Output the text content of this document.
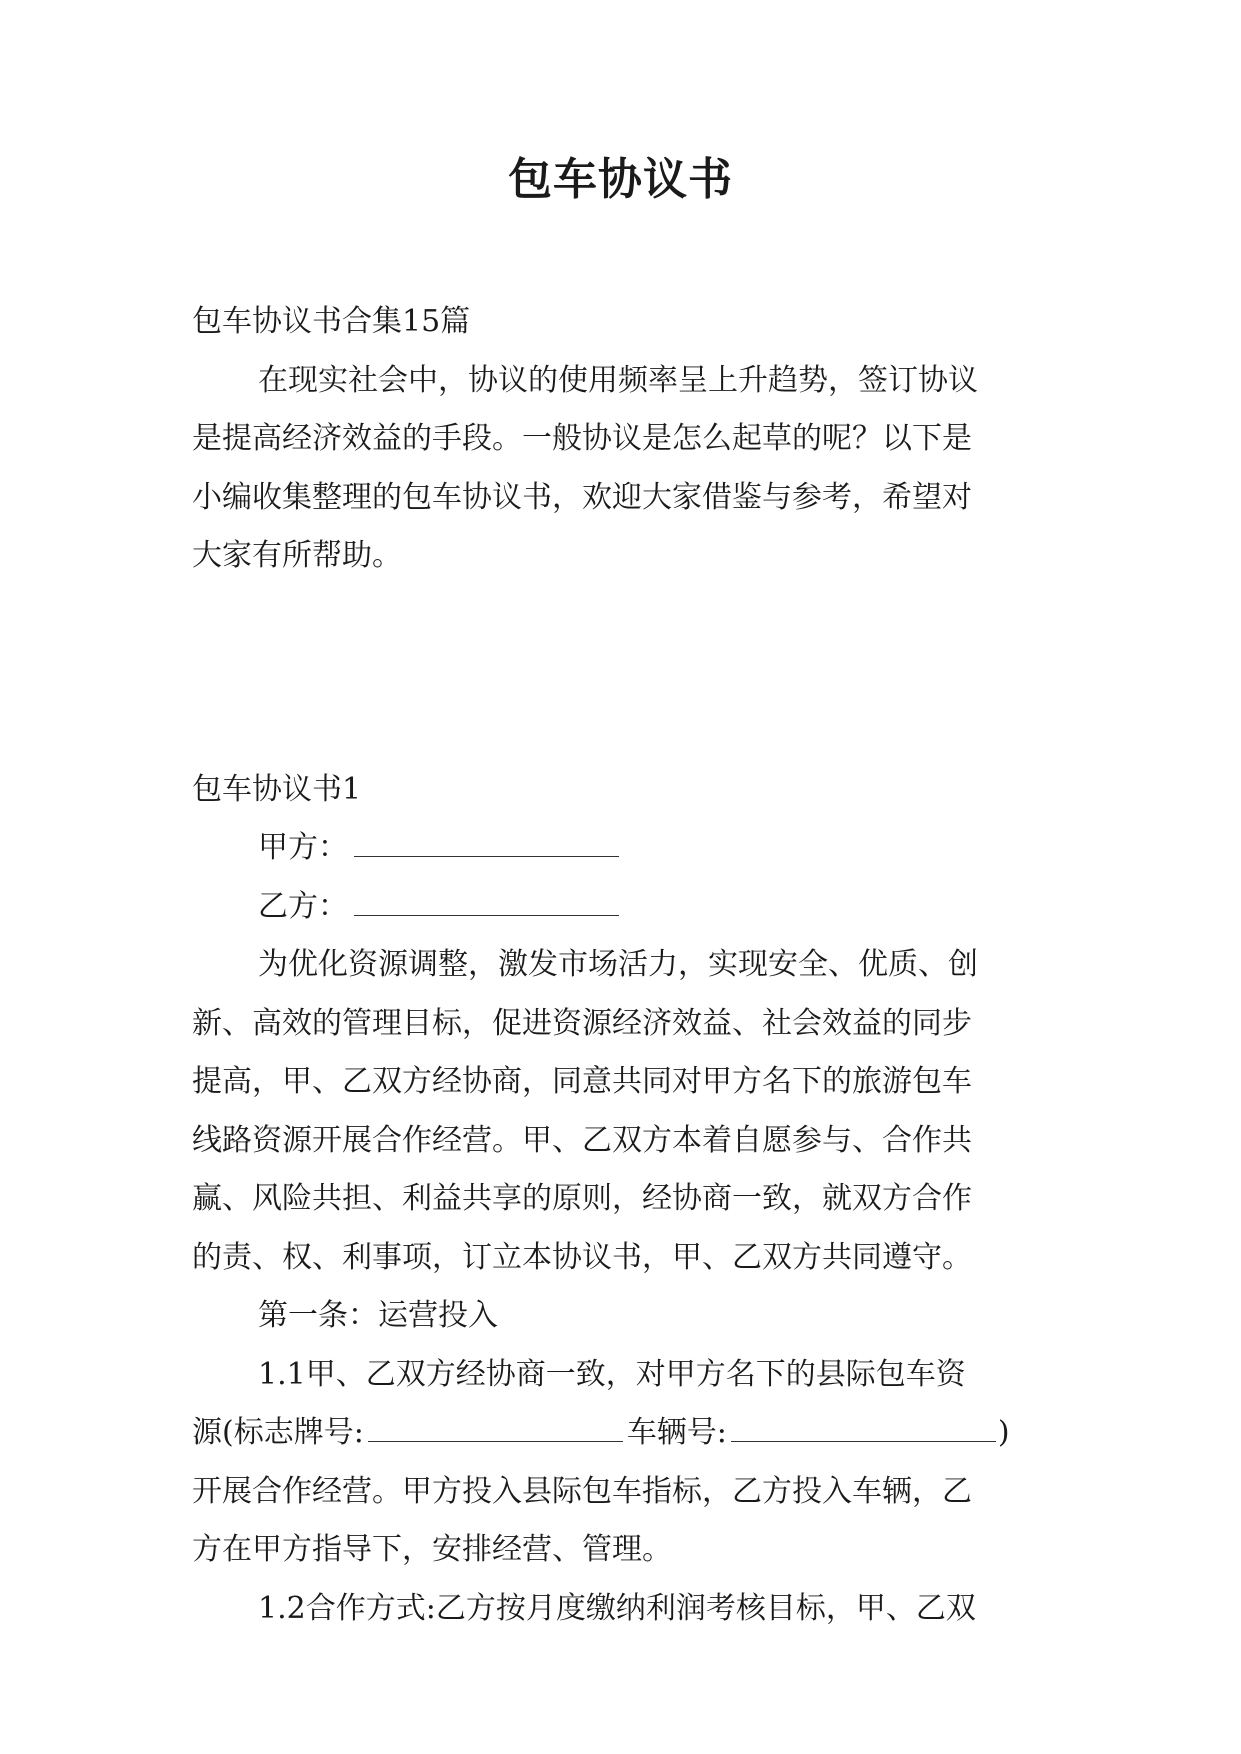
包车协议书

包车协议书合集15篇

在现实社会中，协议的使用频率呈上升趋势，签订协议

是提高经济效益的手段。一般协议是怎么起草的呢？以下是

小编收集整理的包车协议书，欢迎大家借鉴与参考，希望对

大家有所帮助。

包车协议书1

甲方：

乙方：

为优化资源调整，激发市场活力，实现安全、优质、创

新、高效的管理目标，促进资源经济效益、社会效益的同步

提高，甲、乙双方经协商，同意共同对甲方名下的旅游包车

线路资源开展合作经营。甲、乙双方本着自愿参与、合作共

赢、风险共担、利益共享的原则，经协商一致，就双方合作

的责、权、利事项，订立本协议书，甲、乙双方共同遵守。

第一条：运营投入

1.1甲、乙双方经协商一致，对甲方名下的县际包车资

源(标志牌号:	车辆号:	)

开展合作经营。甲方投入县际包车指标，乙方投入车辆，乙

方在甲方指导下，安排经营、管理。

1.2合作方式:乙方按月度缴纳利润考核目标，甲、乙双
